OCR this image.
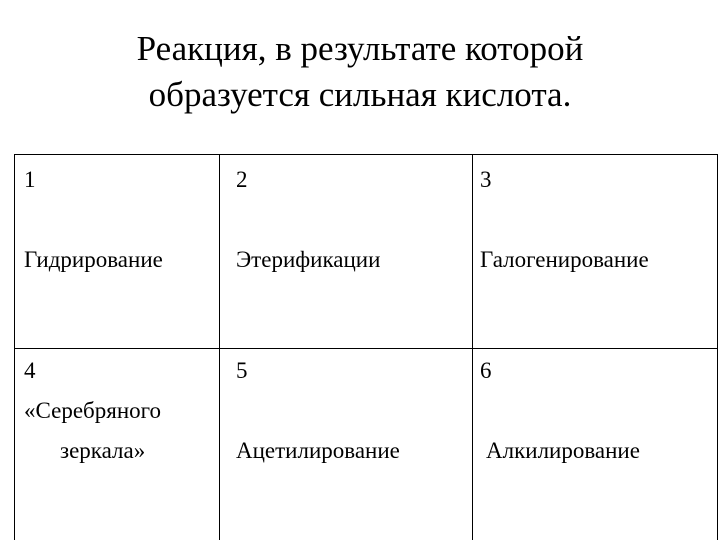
Реакция, в результате которой
образуется сильная кислота.
1
Гидрирование
2
Этерификации
3
Галогенирование
4
«Серебряного
зеркала»
5
Ацетилирование
6
Алкилирование
